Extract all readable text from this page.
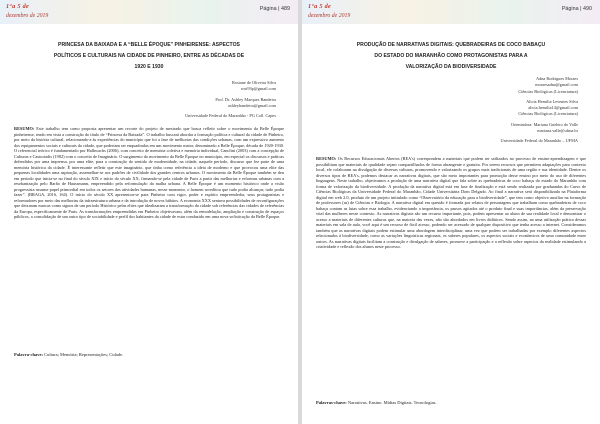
1°a 5 de
dezembro de 2019
Página | 489
PRINCESA DA BAIXADA E A “BELLE ÉPOQUE” PINHEIRENSE: ASPECTOS
POLÍTICOS E CULTURAIS NA CIDADE DE PINHEIRO, ENTRE AS DÉCADAS DE
1920 E 1930
Rosiane de Oliveira Silva
rosi93p@gmail.com
Prof. Dr. Ashley Marques Bandeira
ashleybandeira@gmail.com
Universidade Federal do Maranhão - PG Coll. Capes
RESUMO: Este trabalho tem como proposta apresentar um recorte do projeto de mestrado que busca refletir sobre o movimento da Belle Époque pinheirense, tendo em vista a construção do título de “Princesa da Baixada”. O trabalho buscará abordar a formação política e cultural da cidade de Pinheiro, por meio da história cultural, relacionando-a às experiências do município que foi a fase de melhorias das condições urbanas, com um expressivo aumento dos equipamentos sociais e culturais da cidade, que poderiam ser enquadradas em um movimento maior, denominado a Belle Époque, década de 1920-1930. O referencial teórico é fundamentado por Halbwachs (2006), com conceito de memória coletiva e memória individual, Canclini (2003) com a concepção de Culturas e Castoriadis (1982) com o conceito de Imaginário. O surgimento do movimento da Belle Époque no município, em especial os discursos e práticas defendidos por uma imprensa, por uma elite, para a construção do sentido de modernidade, na cidade, naquele período, discurso que fez parte de uma memória histórica da cidade. É interessante refletir que este imaginário, que tinha como referência a ideia de moderno e que provocou uma elite das pequenas localidades uma aspiração, assemelhar-se aos padrões de civilidade dos grandes centros urbanos. O movimento da Belle Époque também se deu em período que inicia-se no final do século XIX e início do século XX, firmando-se pela cidade de Paris a partir das melhorias e reformas urbanas com a reurbanização pelo Barão de Haussmann, empreendido pela reformulação da malha urbana. A Belle Époque é um momento histórico onde a visão progressista assume papel primordial em todos os setores das atividades humanas, nesse momento, o homem acreditou que tudo podia alcançar, tudo podia fazer”. (BRAGA, 2016, 164). O início do século XX apresentou-se para Pinheiro com vigor, poder e espírito empreendedor, seus protagonistas e reformadores por meio das melhorias da infraestrutura urbana e da introdução de novos hábitos. A economia XXX sentava possibilidades de reconfigurações que deixaram marcas como signos de um período Histórico pelas elites que idealizaram a transformação da cidade sob referências das cidades de referências da Europa, especificamente de Paris. As transformações empreendidas em Pinheiro objetivavam, além da remodelação, ampliação e construção de espaços públicos, a consolidação de um outro tipo de sociabilidade e perfil dos habitantes da cidade de estar conduzido em uma nova sofisticação da Belle Époque.
Palavra-chave: Cultura; Memória; Representações; Cidade.
1°a 5 de
dezembro de 2019
Página | 490
PRODUÇÃO DE NARRATIVAS DIGITAIS: QUEBRADEIRAS DE COCO BABAÇU
DO ESTADO DO MARANHÃO COMO PROTAGONISTAS PARA A
VALORIZAÇÃO DA BIODIVERSIDADE
Adna Rodrigues Moraes
moraesadna@gmail.com
Ciências Biológicas (Licenciatura)
Alicia Hemilia Leventes Silva
alicia.hemilia14@gmail.com
Ciências Biológicas (Licenciatura)
Orientadora: Mariana Guelero do Valle
mariana.valle@ufma.br
Universidade Federal do Maranhão – UFMA
RESUMO: Os Recursos Educacionais Abertos (REA's) correspondem a materiais que podem ser utilizados no processo de ensino-aprendizagem e que possibilitam que materiais de qualidade sejam compartilhados de forma abrangente e gratuita. Por serem recursos que permitem adaptações para contexto local, ele colaboram na divulgação de diversas culturas, promovendo e valorizando os grupos mais tradicionais de uma região e sua identidade. Dentre os diversos tipos de REA's, podemos destacar as narrativas digitais, que são meio importantes para promoção desse ensino por meio do uso de diferentes linguagens. Neste trabalho, objetivamos a produção de uma narrativa digital que fala sobre as quebradeiras de coco babaçu do estado do Maranhão com forma de valorização da biodiversidade. A produção da narrativa digital está em fase de finalização e está sendo realizada por graduandas do Curso de Ciências Biológicas da Universidade Federal do Maranhão, Cidade Universitária Dom Delgado. Ao final a narrativa será disponibilizada na Plataforma digital em web 2.0, produto de um projeto intitulado como “Observatório da educação para a biodiversidade”, que tem como objetivo auxiliar na formação de professores (as) de Ciências e Biologia. A narrativa digital em questão é formada por relatos de personagens que trabalham como quebradeiras de coco babaçu contam as lutas sobre essa trabalho, evidenciando a importância, os passos agitados até o produto final e suas importâncias, além da preservação vital das mulheres nesse contexto. As narrativas digitais são um recurso importante, pois, podem apresentar ao aluno de sua realidade local e demonstrar o acesso a materiais de diferentes culturas que, na maioria das vezes, não são abordados em livros didáticos. Sendo assim, na uma utilização prática dessas materiais em sala de aula, você aqui é um recurso de fácil acesso, podendo ser acessado de qualquer dispositivo que tenha acesso a internet. Consideramos também que as narrativas digitais podem estimular uma abordagem interdisciplinar, uma vez que podem ser trabalhadas por exemplo diferentes aspectos relacionados à biodiversidade, como as variações linguísticas regionais, os saberes populares, os aspectos sociais e econômicos de uma comunidade entre outros. As narrativas digitais facilitam a construção e divulgação de saberes, promove a participação e a reflexão sobre aspectos da realidade estimulando a criatividade e reflexão dos alunos neste processo.
Palavras-chave: Narrativas. Ensino. Mídias Digitais. Tecnologias.
